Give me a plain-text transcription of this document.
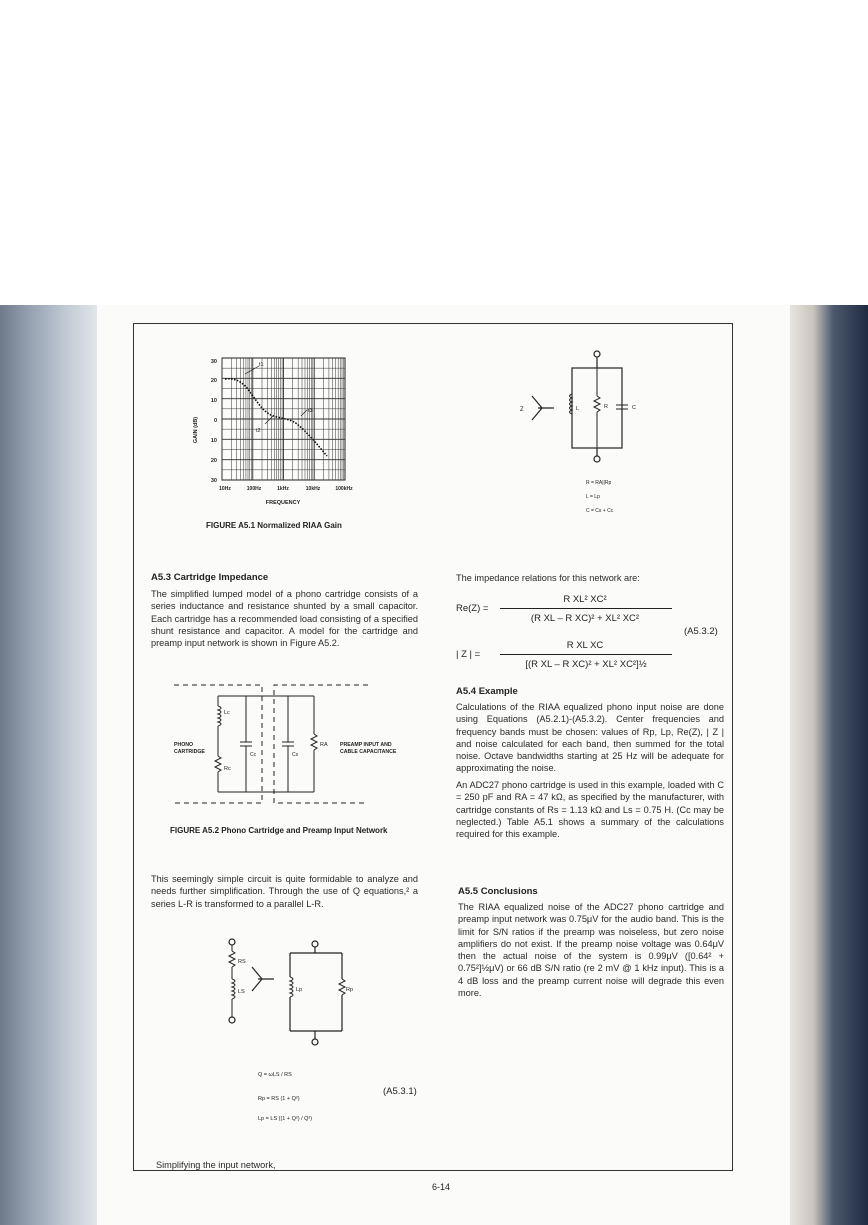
GAIN (dB)
30
20
10
0
10
20
30
t1
t2
t3
10Hz	100Hz	1kHz	10kHz	100kHz
FREQUENCY
FIGURE A5.1 Normalized RIAA Gain
L	R	C
Z
R = RA||Rp
L = Lp
C = Cs + Cc
A5.3 Cartridge Impedance

The simplified lumped model of a phono cartridge consists of a series inductance and resistance shunted by a small capacitor. Each cartridge has a recommended load consisting of a specified shunt resistance and capacitor. A model for the cartridge and preamp input network is shown in Figure A5.2.

Lc
Rc
Cc	Cs
RA
PHONO
CARTRIDGE
PREAMP INPUT AND
CABLE CAPACITANCE
FIGURE A5.2 Phono Cartridge and Preamp Input Network

This seemingly simple circuit is quite formidable to analyze and needs further simplification. Through the use of Q equations,² a series L-R is transformed to a parallel L-R.

RS
LS	Lp	Rp
Q = ωLS / RS
Rp = RS (1 + Q²)
Lp = LS ((1 + Q²) / Q²)
(A5.3.1)
Simplifying the input network,
The impedance relations for this network are:
Re(Z) =
R XL² XC²
(R XL – R XC)² + XL² XC²
(A5.3.2)
| Z | =
R XL XC
[(R XL – R XC)² + XL² XC²]½
A5.4 Example

Calculations of the RIAA equalized phono input noise are done using Equations (A5.2.1)-(A5.3.2). Center frequencies and frequency bands must be chosen: values of Rp, Lp, Re(Z), | Z | and noise calculated for each band, then summed for the total noise. Octave bandwidths starting at 25 Hz will be adequate for approximating the noise.

An ADC27 phono cartridge is used in this example, loaded with C = 250 pF and RA = 47 kΩ, as specified by the manufacturer, with cartridge constants of Rs = 1.13 kΩ and Ls = 0.75 H. (Cc may be neglected.) Table A5.1 shows a summary of the calculations required for this example.

A5.5 Conclusions

The RIAA equalized noise of the ADC27 phono cartridge and preamp input network was 0.75μV for the audio band. This is the limit for S/N ratios if the preamp was noiseless, but zero noise amplifiers do not exist. If the preamp noise voltage was 0.64μV then the actual noise of the system is 0.99μV ([0.64² + 0.75²]½μV) or 66 dB S/N ratio (re 2 mV @ 1 kHz input). This is a 4 dB loss and the preamp current noise will degrade this even more.

6-14
